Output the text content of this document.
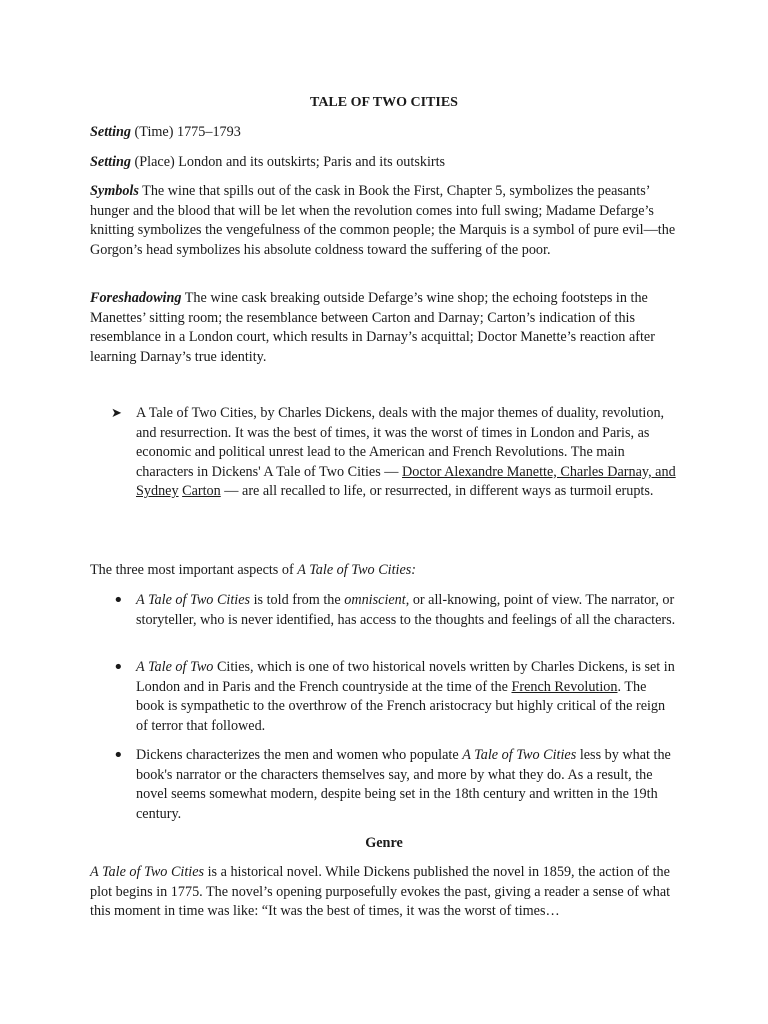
TALE OF TWO CITIES

Setting (Time) 1775–1793

Setting (Place) London and its outskirts; Paris and its outskirts

Symbols The wine that spills out of the cask in Book the First, Chapter 5, symbolizes the peasants’ hunger and the blood that will be let when the revolution comes into full swing; Madame Defarge’s knitting symbolizes the vengefulness of the common people; the Marquis is a symbol of pure evil—the Gorgon’s head symbolizes his absolute coldness toward the suffering of the poor.

Foreshadowing The wine cask breaking outside Defarge’s wine shop; the echoing footsteps in the Manettes’ sitting room; the resemblance between Carton and Darnay; Carton’s indication of this resemblance in a London court, which results in Darnay’s acquittal; Doctor Manette’s reaction after learning Darnay’s true identity.

➤ A Tale of Two Cities, by Charles Dickens, deals with the major themes of duality, revolution, and resurrection. It was the best of times, it was the worst of times in London and Paris, as economic and political unrest lead to the American and French Revolutions. The main characters in Dickens' A Tale of Two Cities — Doctor Alexandre Manette, Charles Darnay, and Sydney Carton — are all recalled to life, or resurrected, in different ways as turmoil erupts.

The three most important aspects of A Tale of Two Cities:

• A Tale of Two Cities is told from the omniscient, or all-knowing, point of view. The narrator, or storyteller, who is never identified, has access to the thoughts and feelings of all the characters.
• A Tale of Two Cities, which is one of two historical novels written by Charles Dickens, is set in London and in Paris and the French countryside at the time of the French Revolution. The book is sympathetic to the overthrow of the French aristocracy but highly critical of the reign of terror that followed.
• Dickens characterizes the men and women who populate A Tale of Two Cities less by what the book's narrator or the characters themselves say, and more by what they do. As a result, the novel seems somewhat modern, despite being set in the 18th century and written in the 19th century.
Genre

A Tale of Two Cities is a historical novel. While Dickens published the novel in 1859, the action of the plot begins in 1775. The novel’s opening purposefully evokes the past, giving a reader a sense of what this moment in time was like: “It was the best of times, it was the worst of times…
